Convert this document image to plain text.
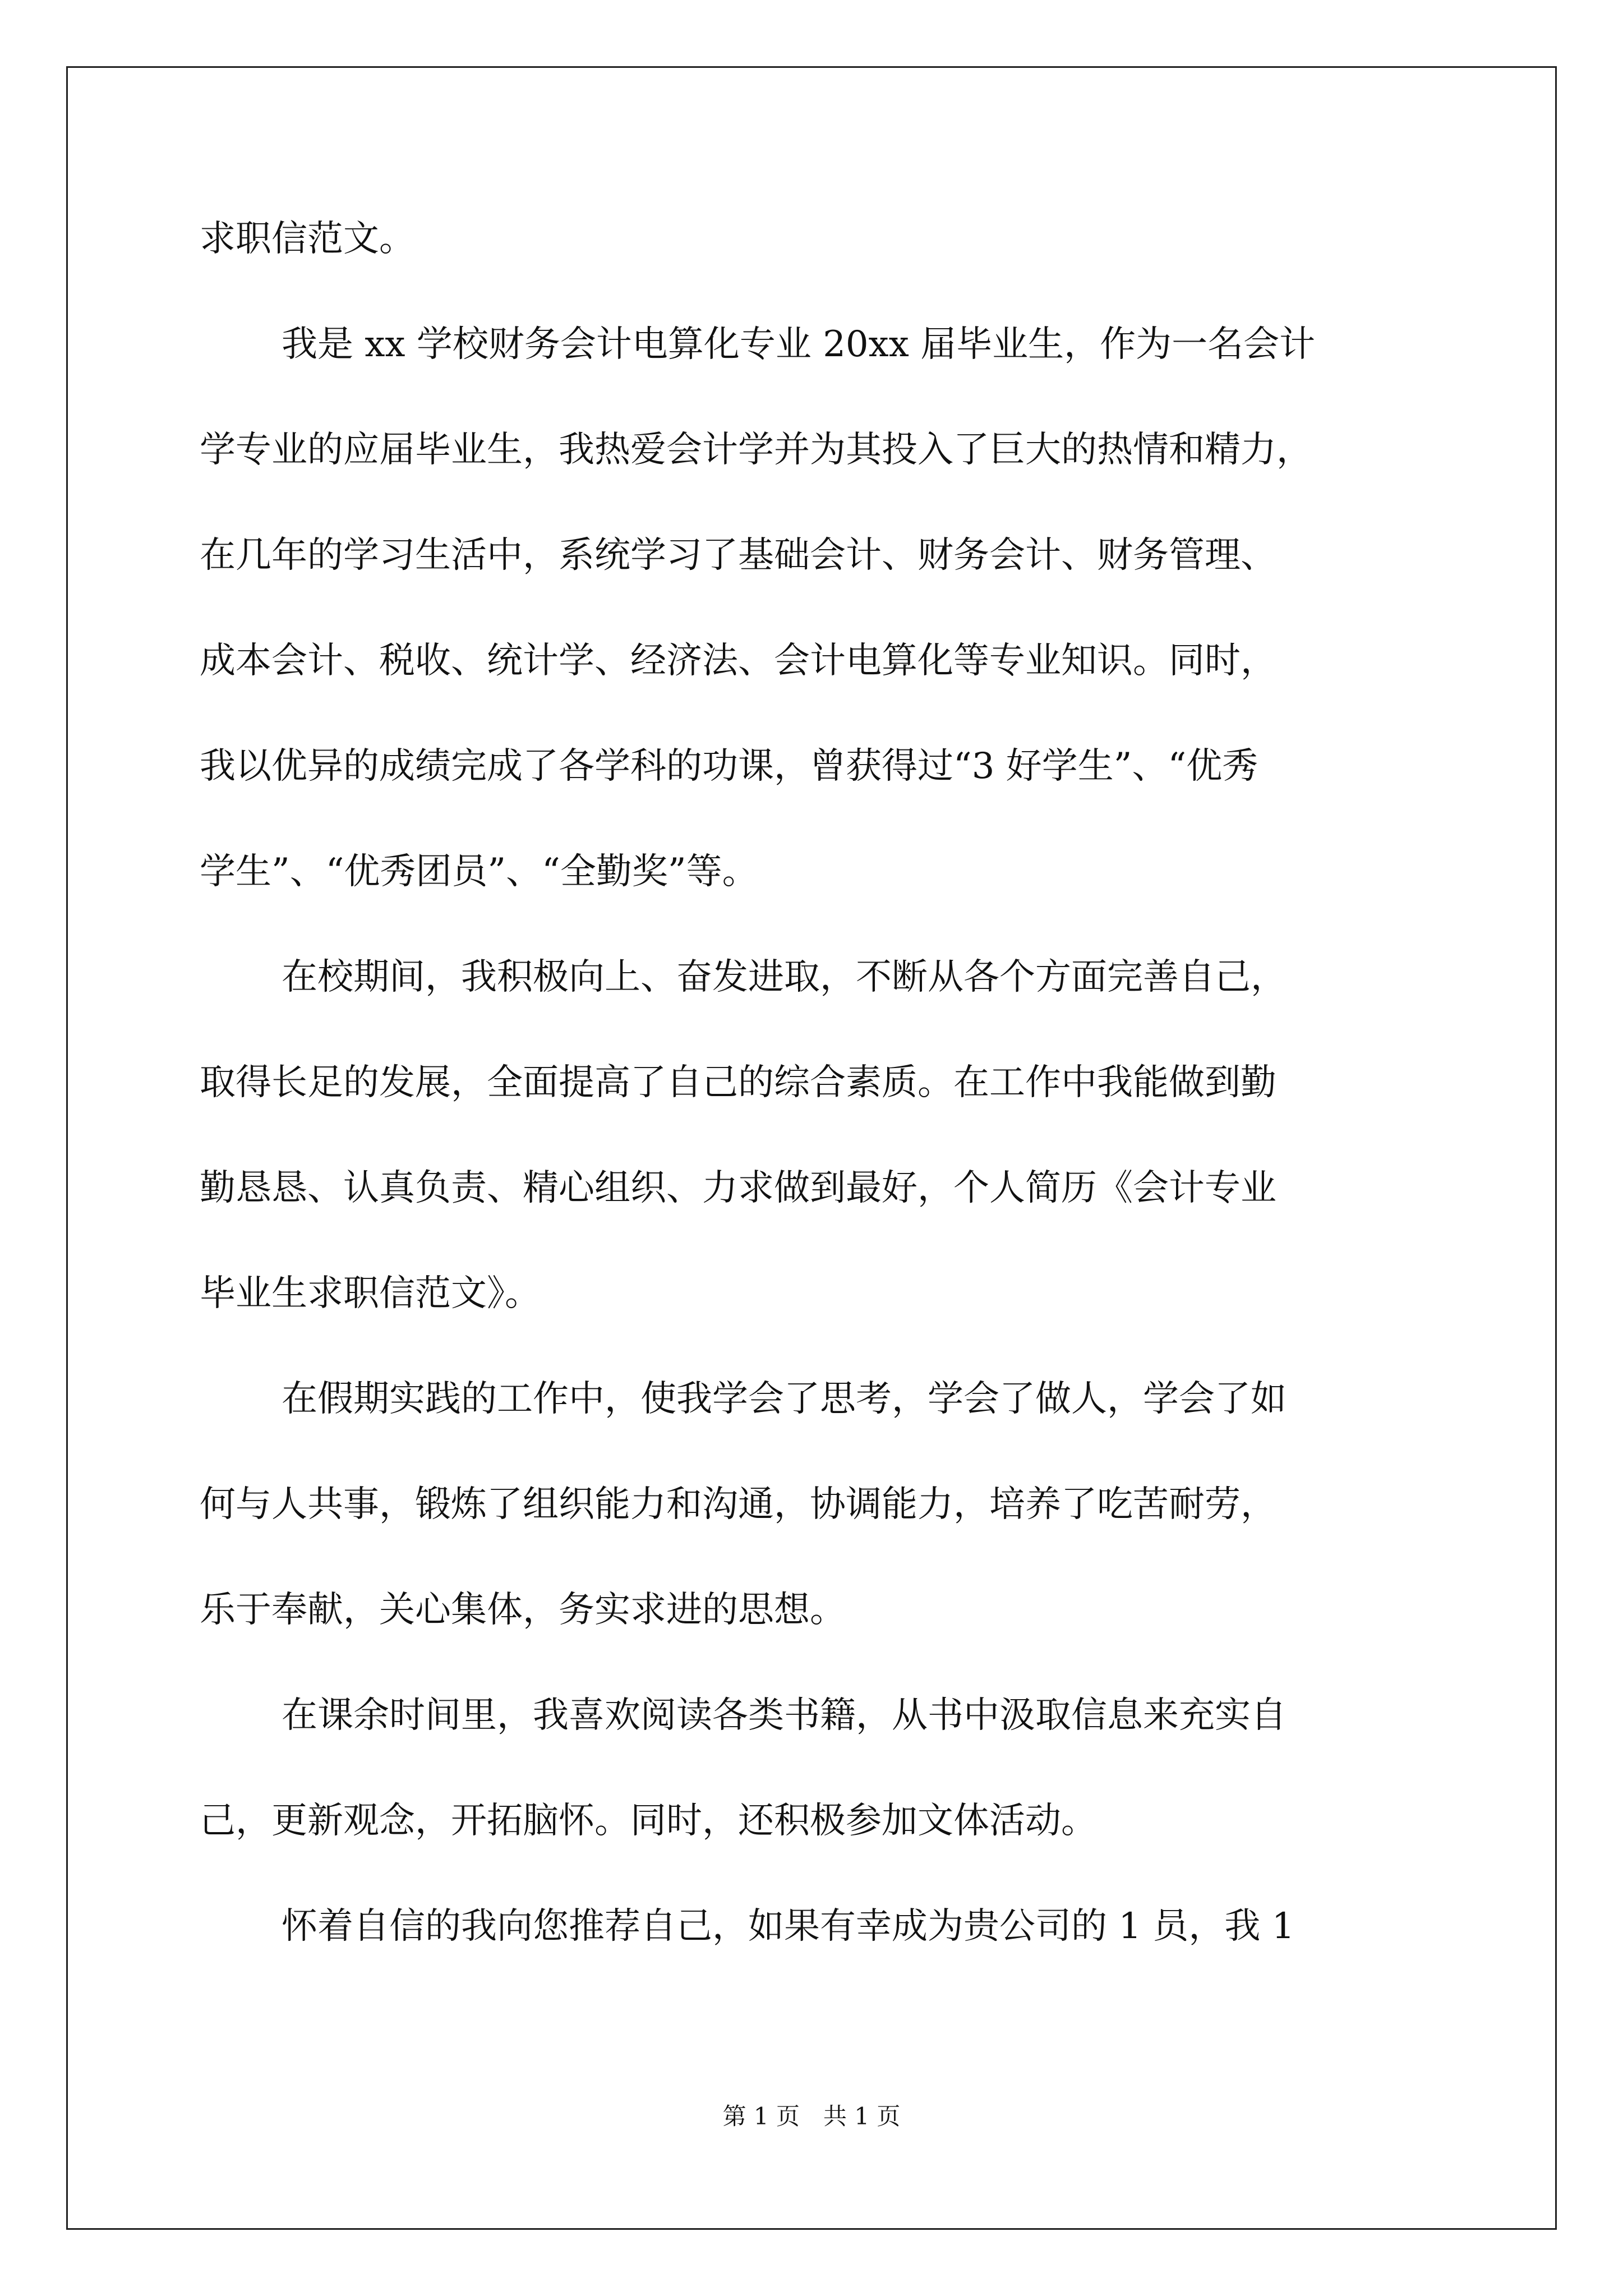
求职信范文。

我是 xx 学校财务会计电算化专业 20xx 届毕业生，作为一名会计

学专业的应届毕业生，我热爱会计学并为其投入了巨大的热情和精力，

在几年的学习生活中，系统学习了基础会计、财务会计、财务管理、

成本会计、税收、统计学、经济法、会计电算化等专业知识。同时，

我以优异的成绩完成了各学科的功课，曾获得过“3 好学生”、“优秀

学生”、“优秀团员”、“全勤奖”等。

在校期间，我积极向上、奋发进取，不断从各个方面完善自己，

取得长足的发展，全面提高了自己的综合素质。在工作中我能做到勤

勤恳恳、认真负责、精心组织、力求做到最好，个人简历《会计专业

毕业生求职信范文》。

在假期实践的工作中，使我学会了思考，学会了做人，学会了如

何与人共事，锻炼了组织能力和沟通，协调能力，培养了吃苦耐劳，

乐于奉献，关心集体，务实求进的思想。

在课余时间里，我喜欢阅读各类书籍，从书中汲取信息来充实自

己，更新观念，开拓脑怀。同时，还积极参加文体活动。

怀着自信的我向您推荐自己，如果有幸成为贵公司的 1 员，我 1

第 1 页　共 1 页
